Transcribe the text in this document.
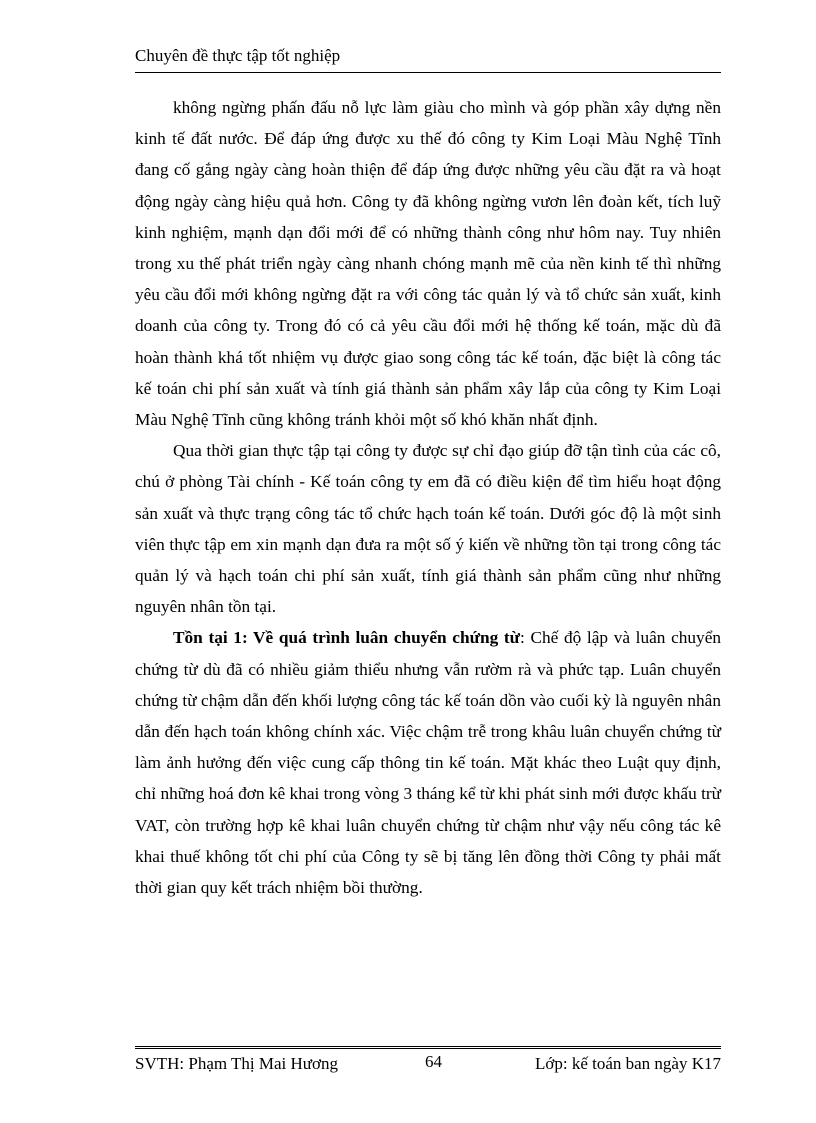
Chuyên đề thực tập tốt nghiệp

không ngừng phấn đấu nỗ lực làm giàu cho mình và góp phần xây dựng nền kinh tế đất nước. Để đáp ứng được xu thế đó công ty Kim Loại Màu Nghệ Tĩnh đang cố gắng ngày càng hoàn thiện để đáp ứng được những yêu cầu đặt ra và hoạt động ngày càng hiệu quả hơn. Công ty đã không ngừng vươn lên đoàn kết, tích luỹ kinh nghiệm, mạnh dạn đổi mới để có những thành công như hôm nay. Tuy nhiên trong xu thế phát triển ngày càng nhanh chóng mạnh mẽ của nền kinh tế thì những yêu cầu đổi mới không ngừng đặt ra với công tác quản lý và tổ chức sản xuất, kinh doanh của công ty. Trong đó có cả yêu cầu đổi mới hệ thống kế toán, mặc dù đã hoàn thành khá tốt nhiệm vụ được giao song công tác kế toán, đặc biệt là công tác kế toán chi phí sản xuất và tính giá thành sản phẩm xây lắp của công ty Kim Loại Màu Nghệ Tĩnh cũng không tránh khỏi một số khó khăn nhất định.

Qua thời gian thực tập tại công ty được sự chỉ đạo giúp đỡ tận tình của các cô, chú ở phòng Tài chính - Kế toán công ty em đã có điều kiện để tìm hiểu hoạt động sản xuất và thực trạng công tác tổ chức hạch toán kế toán. Dưới góc độ là một sinh viên thực tập em xin mạnh dạn đưa ra một số ý kiến về những tồn tại trong công tác quản lý và hạch toán chi phí sản xuất, tính giá thành sản phẩm cũng như những nguyên nhân tồn tại.

Tồn tại 1: Về quá trình luân chuyển chứng từ: Chế độ lập và luân chuyển chứng từ dù đã có nhiều giảm thiểu nhưng vẫn rườm rà và phức tạp. Luân chuyển chứng từ chậm dẫn đến khối lượng công tác kế toán dồn vào cuối kỳ là nguyên nhân dẫn đến hạch toán không chính xác. Việc chậm trễ trong khâu luân chuyển chứng từ làm ảnh hưởng đến việc cung cấp thông tin kế toán. Mặt khác theo Luật quy định, chỉ những hoá đơn kê khai trong vòng 3 tháng kể từ khi phát sinh mới được khấu trừ VAT, còn trường hợp kê khai luân chuyển chứng từ chậm như vậy nếu công tác kê khai thuế không tốt chi phí của Công ty sẽ bị tăng lên đồng thời Công ty phải mất thời gian quy kết trách nhiệm bồi thường.

SVTH: Phạm Thị Mai Hương	64	Lớp: kế toán ban ngày K17
